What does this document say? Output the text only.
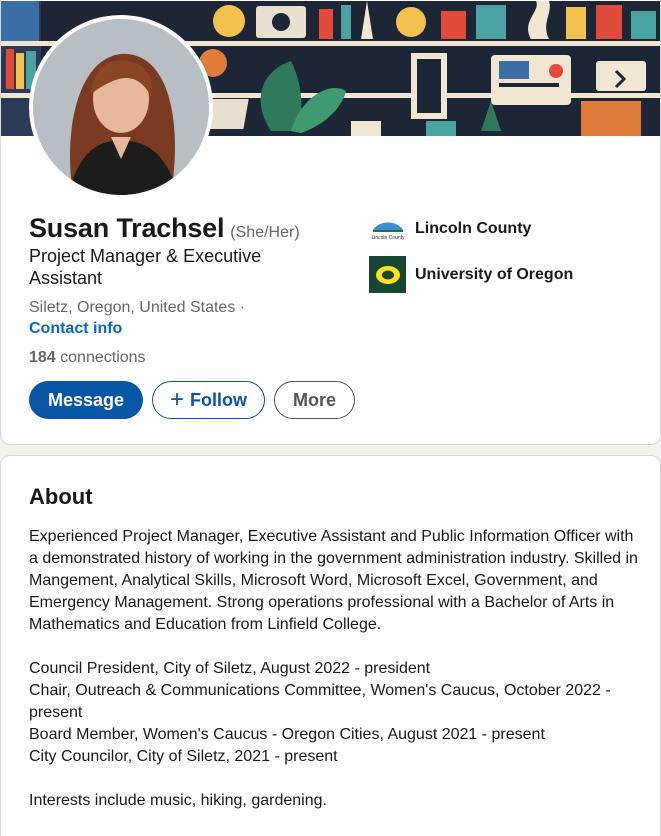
Susan Trachsel (She/Her)
Project Manager & Executive Assistant
Siletz, Oregon, United States ·
Contact info
184 connections
Message	+ Follow	More
Lincoln County
Lincoln County
University of Oregon
About

Experienced Project Manager, Executive Assistant and Public Information Officer with a demonstrated history of working in the government administration industry. Skilled in Mangement, Analytical Skills, Microsoft Word, Microsoft Excel, Government, and Emergency Management. Strong operations professional with a Bachelor of Arts in Mathematics and Education from Linfield College.

Council President, City of Siletz, August 2022 - president

Chair, Outreach & Communications Committee, Women's Caucus, October 2022 - present

Board Member, Women's Caucus - Oregon Cities, August 2021 - present

City Councilor, City of Siletz, 2021 - present

Interests include music, hiking, gardening.
